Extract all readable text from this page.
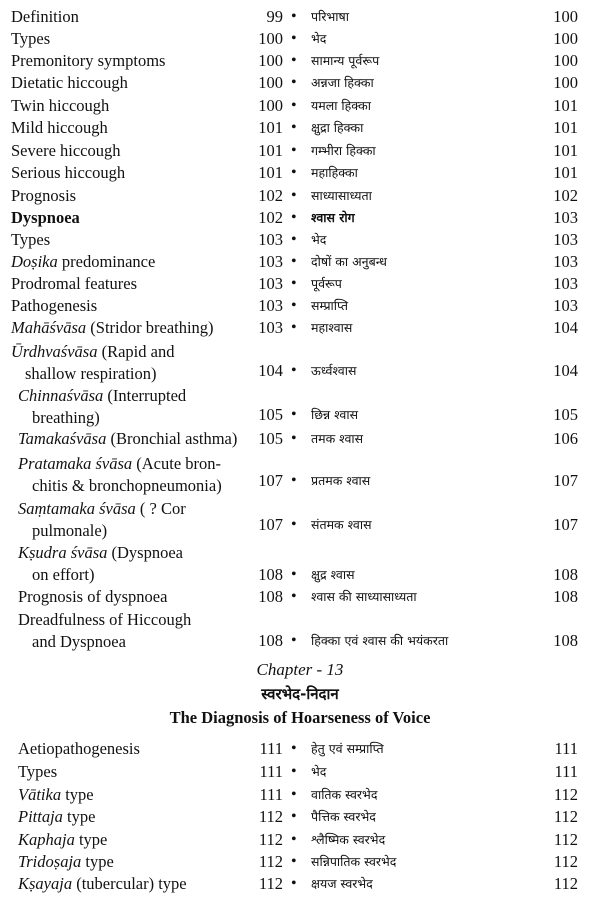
Definition	99 • परिभाषा	100
Types	100 • भेद	100
Premonitory symptoms	100 • सामान्य पूर्वरूप	100
Dietatic hiccough	100 • अन्नजा हिक्का	100
Twin hiccough	100 • यमला हिक्का	101
Mild hiccough	101 • क्षुद्रा हिक्का	101
Severe hiccough	101 • गम्भीरा हिक्का	101
Serious hiccough	101 • महाहिक्का	101
Prognosis	102 • साध्यासाध्यता	102
Dyspnoea	102 • श्वास रोग	103
Types	103 • भेद	103
Doṣika predominance	103 • दोषों का अनुबन्ध	103
Prodromal features	103 • पूर्वरूप	103
Pathogenesis	103 • सम्प्राप्ति	103
Mahāśvāsa (Stridor breathing)	103 • महाश्वास	104
Ūrdhvaśvāsa (Rapid and
shallow respiration)	104 • ऊर्ध्वश्वास	104
Chinnaśvāsa (Interrupted
breathing)	105 • छिन्न श्वास	105
Tamakaśvāsa (Bronchial asthma)	105 • तमक श्वास	106
Pratamaka śvāsa (Acute bron-
chitis & bronchopneumonia)	107 • प्रतमक श्वास	107
Saṃtamaka śvāsa ( ? Cor
pulmonale)	107 • संतमक श्वास	107
Kṣudra śvāsa (Dyspnoea
on effort)	108 • क्षुद्र श्वास	108
Prognosis of dyspnoea	108 • श्वास की साध्यासाध्यता	108
Dreadfulness of Hiccough
and Dyspnoea	108 • हिक्का एवं श्वास की भयंकरता	108
Chapter - 13
स्वरभेद-निदान
The Diagnosis of Hoarseness of Voice
Aetiopathogenesis	111 • हेतु एवं सम्प्राप्ति	111
Types	111 • भेद	111
Vātika type	111 • वातिक स्वरभेद	112
Pittaja type	112 • पैत्तिक स्वरभेद	112
Kaphaja type	112 • श्लैष्मिक स्वरभेद	112
Tridoṣaja type	112 • सन्निपातिक स्वरभेद	112
Kṣayaja (tubercular) type	112 • क्षयज स्वरभेद	112
